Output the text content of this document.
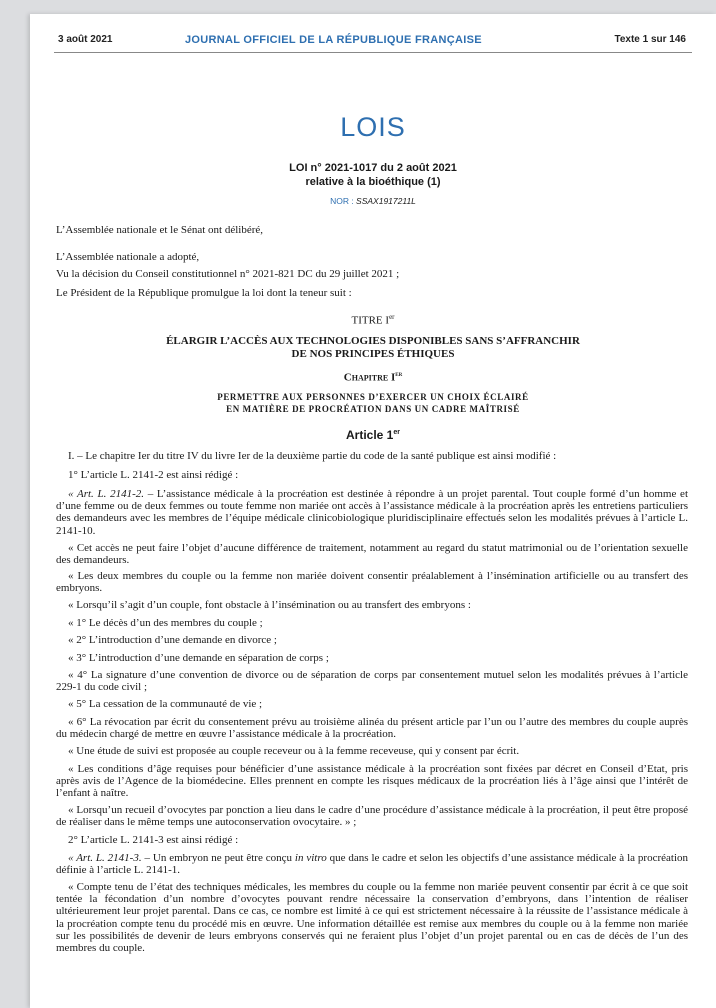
3 août 2021	JOURNAL OFFICIEL DE LA RÉPUBLIQUE FRANÇAISE	Texte 1 sur 146
LOIS
LOI n° 2021-1017 du 2 août 2021
relative à la bioéthique (1)
NOR : SSAX1917211L
L’Assemblée nationale et le Sénat ont délibéré,
L’Assemblée nationale a adopté,
Vu la décision du Conseil constitutionnel n° 2021-821 DC du 29 juillet 2021 ;
Le Président de la République promulgue la loi dont la teneur suit :
TITRE Ier
ÉLARGIR L’ACCÈS AUX TECHNOLOGIES DISPONIBLES SANS S’AFFRANCHIR
DE NOS PRINCIPES ÉTHIQUES
Chapitre Ier
PERMETTRE AUX PERSONNES D’EXERCER UN CHOIX ÉCLAIRÉ
EN MATIÈRE DE PROCRÉATION DANS UN CADRE MAÎTRISÉ
Article 1er
I. – Le chapitre Ier du titre IV du livre Ier de la deuxième partie du code de la santé publique est ainsi modifié :
1° L’article L. 2141-2 est ainsi rédigé :
« Art. L. 2141-2. – L’assistance médicale à la procréation est destinée à répondre à un projet parental. Tout couple formé d’un homme et d’une femme ou de deux femmes ou toute femme non mariée ont accès à l’assistance médicale à la procréation après les entretiens particuliers des demandeurs avec les membres de l’équipe médicale clinicobiologique pluridisciplinaire effectués selon les modalités prévues à l’article L. 2141-10.
« Cet accès ne peut faire l’objet d’aucune différence de traitement, notamment au regard du statut matrimonial ou de l’orientation sexuelle des demandeurs.
« Les deux membres du couple ou la femme non mariée doivent consentir préalablement à l’insémination artificielle ou au transfert des embryons.
« Lorsqu’il s’agit d’un couple, font obstacle à l’insémination ou au transfert des embryons :
« 1° Le décès d’un des membres du couple ;
« 2° L’introduction d’une demande en divorce ;
« 3° L’introduction d’une demande en séparation de corps ;
« 4° La signature d’une convention de divorce ou de séparation de corps par consentement mutuel selon les modalités prévues à l’article 229-1 du code civil ;
« 5° La cessation de la communauté de vie ;
« 6° La révocation par écrit du consentement prévu au troisième alinéa du présent article par l’un ou l’autre des membres du couple auprès du médecin chargé de mettre en œuvre l’assistance médicale à la procréation.
« Une étude de suivi est proposée au couple receveur ou à la femme receveuse, qui y consent par écrit.
« Les conditions d’âge requises pour bénéficier d’une assistance médicale à la procréation sont fixées par décret en Conseil d’Etat, pris après avis de l’Agence de la biomédecine. Elles prennent en compte les risques médicaux de la procréation liés à l’âge ainsi que l’intérêt de l’enfant à naître.
« Lorsqu’un recueil d’ovocytes par ponction a lieu dans le cadre d’une procédure d’assistance médicale à la procréation, il peut être proposé de réaliser dans le même temps une autoconservation ovocytaire. » ;
2° L’article L. 2141-3 est ainsi rédigé :
« Art. L. 2141-3. – Un embryon ne peut être conçu in vitro que dans le cadre et selon les objectifs d’une assistance médicale à la procréation définie à l’article L. 2141-1.
« Compte tenu de l’état des techniques médicales, les membres du couple ou la femme non mariée peuvent consentir par écrit à ce que soit tentée la fécondation d’un nombre d’ovocytes pouvant rendre nécessaire la conservation d’embryons, dans l’intention de réaliser ultérieurement leur projet parental. Dans ce cas, ce nombre est limité à ce qui est strictement nécessaire à la réussite de l’assistance médicale à la procréation compte tenu du procédé mis en œuvre. Une information détaillée est remise aux membres du couple ou à la femme non mariée sur les possibilités de devenir de leurs embryons conservés qui ne feraient plus l’objet d’un projet parental ou en cas de décès de l’un des membres du couple.
